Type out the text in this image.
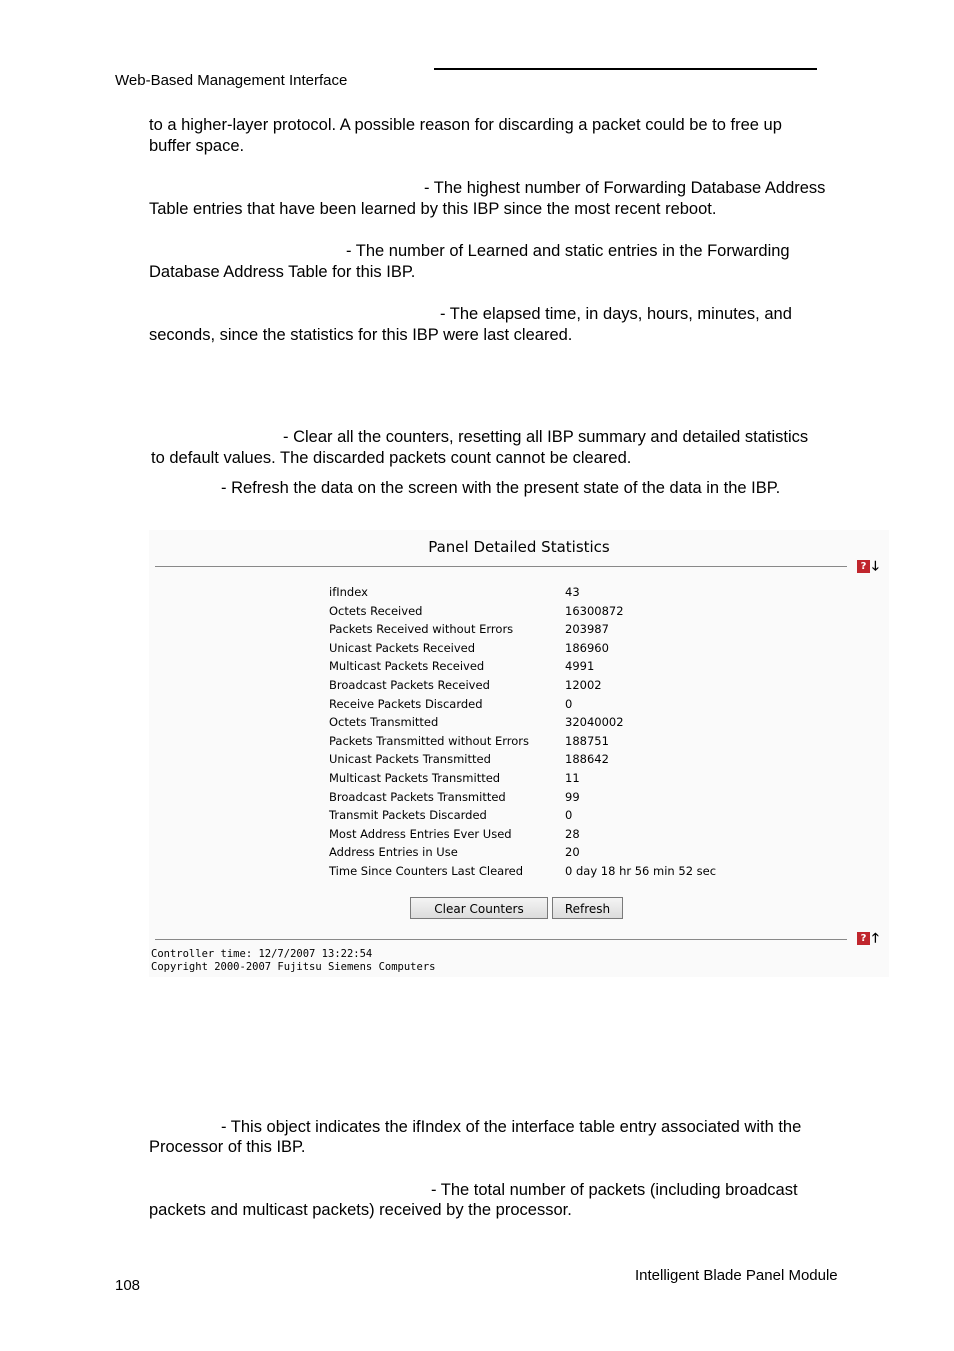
Web-Based Management Interface
to a higher-layer protocol. A possible reason for discarding a packet could be to free up
buffer space.
- The highest number of Forwarding Database Address
Table entries that have been learned by this IBP since the most recent reboot.
- The number of Learned and static entries in the Forwarding
Database Address Table for this IBP.
- The elapsed time, in days, hours, minutes, and
seconds, since the statistics for this IBP were last cleared.
- Clear all the counters, resetting all IBP summary and detailed statistics
to default values. The discarded packets count cannot be cleared.
- Refresh the data on the screen with the present state of the data in the IBP.
Panel Detailed Statistics
? 🡓
ifIndex	43
Octets Received	16300872
Packets Received without Errors	203987
Unicast Packets Received	186960
Multicast Packets Received	4991
Broadcast Packets Received	12002
Receive Packets Discarded	0
Octets Transmitted	32040002
Packets Transmitted without Errors	188751
Unicast Packets Transmitted	188642
Multicast Packets Transmitted	11
Broadcast Packets Transmitted	99
Transmit Packets Discarded	0
Most Address Entries Ever Used	28
Address Entries in Use	20
Time Since Counters Last Cleared	0 day 18 hr 56 min 52 sec
Clear Counters	Refresh
? 🡑
Controller time: 12/7/2007 13:22:54
Copyright 2000-2007 Fujitsu Siemens Computers
- This object indicates the ifIndex of the interface table entry associated with the
Processor of this IBP.
- The total number of packets (including broadcast
packets and multicast packets) received by the processor.
Intelligent Blade Panel Module
108
